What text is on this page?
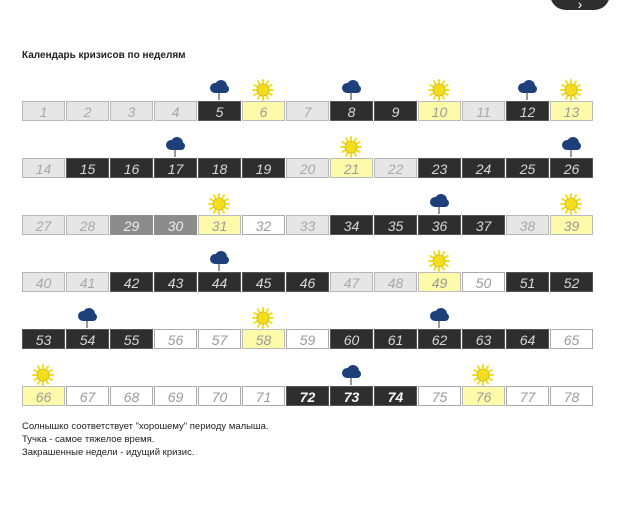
›
Календарь кризисов по неделям
1	2	3	4	5	6	7	8	9	10	11	12	13
14	15	16	17	18	19	20	21	22	23	24	25	26
27	28	29	30	31	32	33	34	35	36	37	38	39
40	41	42	43	44	45	46	47	48	49	50	51	52
53	54	55	56	57	58	59	60	61	62	63	64	65
66	67	68	69	70	71	72	73	74	75	76	77	78
Солнышко соответствует "хорошему" периоду малыша.
Тучка - самое тяжелое время.
Закрашенные недели - идущий кризис.
